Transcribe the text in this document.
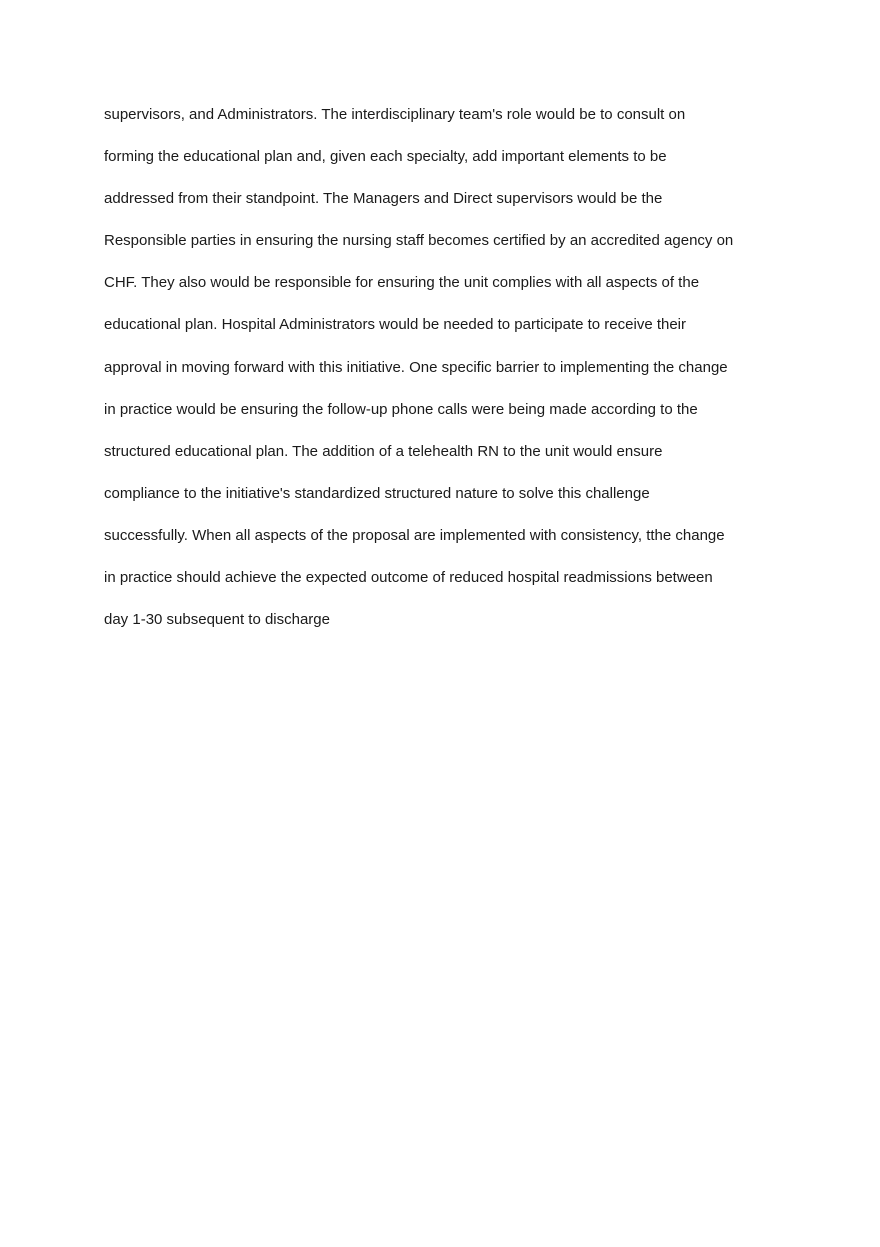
supervisors, and Administrators. The interdisciplinary team's role would be to consult on
forming the educational plan and, given each specialty, add important elements to be
addressed from their standpoint. The Managers and Direct supervisors would be the
Responsible parties in ensuring the nursing staff becomes certified by an accredited agency on
CHF. They also would be responsible for ensuring the unit complies with all aspects of the
educational plan. Hospital Administrators would be needed to participate to receive their
approval in moving forward with this initiative. One specific barrier to implementing the change
in practice would be ensuring the follow-up phone calls were being made according to the
structured educational plan. The addition of a telehealth RN to the unit would ensure
compliance to the initiative's standardized structured nature to solve this challenge
successfully. When all aspects of the proposal are implemented with consistency, tthe change
in practice should achieve the expected outcome of reduced hospital readmissions between
day 1-30 subsequent to discharge
